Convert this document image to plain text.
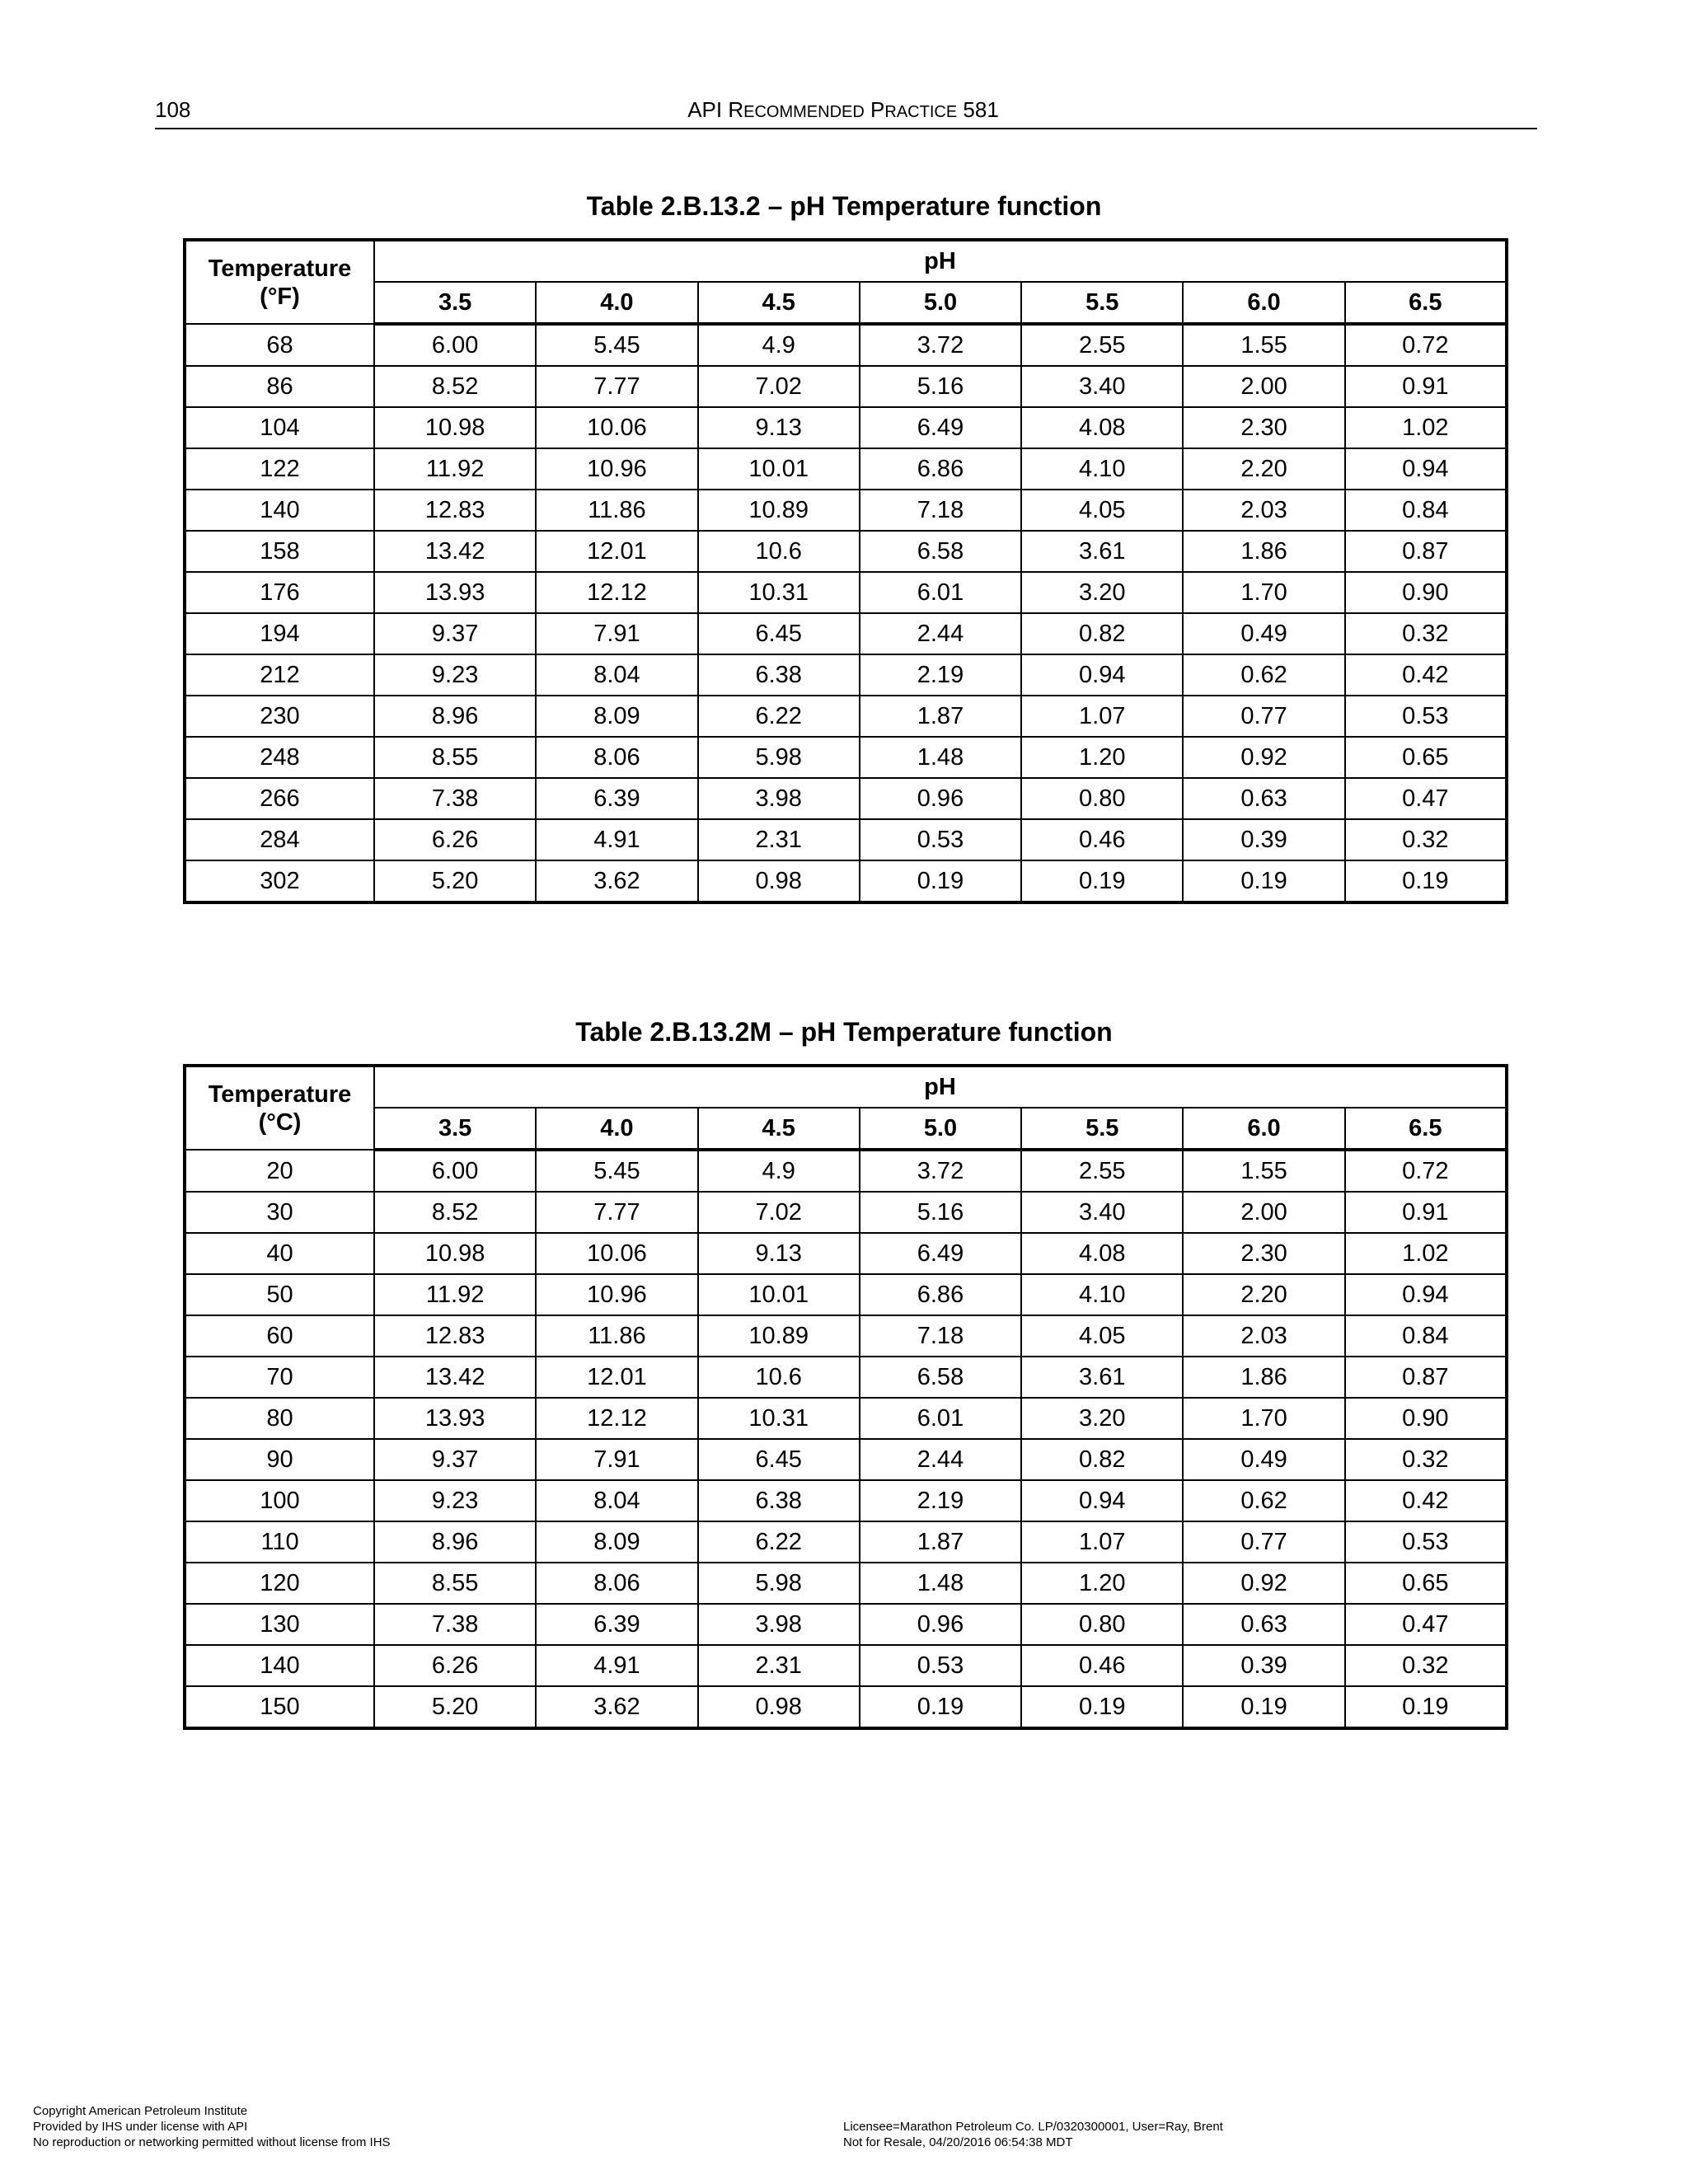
108	API RECOMMENDED PRACTICE 581
Table 2.B.13.2 – pH Temperature function
Temperature
(°F)	pH						
	3.5	4.0	4.5	5.0	5.5	6.0	6.5
68	6.00	5.45	4.9	3.72	2.55	1.55	0.72
86	8.52	7.77	7.02	5.16	3.40	2.00	0.91
104	10.98	10.06	9.13	6.49	4.08	2.30	1.02
122	11.92	10.96	10.01	6.86	4.10	2.20	0.94
140	12.83	11.86	10.89	7.18	4.05	2.03	0.84
158	13.42	12.01	10.6	6.58	3.61	1.86	0.87
176	13.93	12.12	10.31	6.01	3.20	1.70	0.90
194	9.37	7.91	6.45	2.44	0.82	0.49	0.32
212	9.23	8.04	6.38	2.19	0.94	0.62	0.42
230	8.96	8.09	6.22	1.87	1.07	0.77	0.53
248	8.55	8.06	5.98	1.48	1.20	0.92	0.65
266	7.38	6.39	3.98	0.96	0.80	0.63	0.47
284	6.26	4.91	2.31	0.53	0.46	0.39	0.32
302	5.20	3.62	0.98	0.19	0.19	0.19	0.19
Table 2.B.13.2M – pH Temperature function
Temperature
(°C)	pH						
	3.5	4.0	4.5	5.0	5.5	6.0	6.5
20	6.00	5.45	4.9	3.72	2.55	1.55	0.72
30	8.52	7.77	7.02	5.16	3.40	2.00	0.91
40	10.98	10.06	9.13	6.49	4.08	2.30	1.02
50	11.92	10.96	10.01	6.86	4.10	2.20	0.94
60	12.83	11.86	10.89	7.18	4.05	2.03	0.84
70	13.42	12.01	10.6	6.58	3.61	1.86	0.87
80	13.93	12.12	10.31	6.01	3.20	1.70	0.90
90	9.37	7.91	6.45	2.44	0.82	0.49	0.32
100	9.23	8.04	6.38	2.19	0.94	0.62	0.42
110	8.96	8.09	6.22	1.87	1.07	0.77	0.53
120	8.55	8.06	5.98	1.48	1.20	0.92	0.65
130	7.38	6.39	3.98	0.96	0.80	0.63	0.47
140	6.26	4.91	2.31	0.53	0.46	0.39	0.32
150	5.20	3.62	0.98	0.19	0.19	0.19	0.19
Copyright American Petroleum Institute
Provided by IHS under license with API
No reproduction or networking permitted without license from IHS
Licensee=Marathon Petroleum Co. LP/0320300001, User=Ray, Brent
Not for Resale, 04/20/2016 06:54:38 MDT
